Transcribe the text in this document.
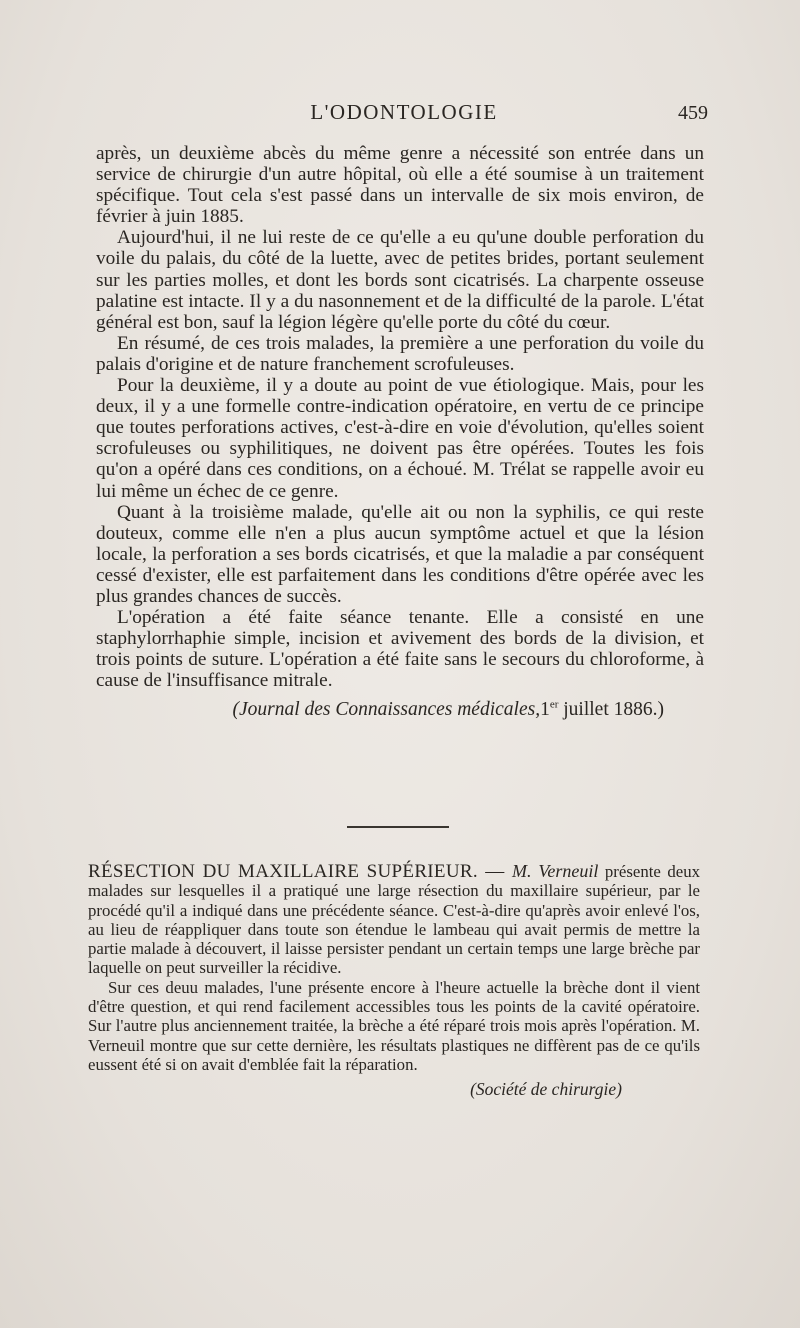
L'ODONTOLOGIE	459

après, un deuxième abcès du même genre a nécessité son entrée dans un service de chirurgie d'un autre hôpital, où elle a été soumise à un traitement spécifique. Tout cela s'est passé dans un intervalle de six mois environ, de février à juin 1885.

Aujourd'hui, il ne lui reste de ce qu'elle a eu qu'une double perforation du voile du palais, du côté de la luette, avec de petites brides, portant seulement sur les parties molles, et dont les bords sont cicatrisés. La charpente osseuse palatine est intacte. Il y a du nasonnement et de la difficulté de la parole. L'état général est bon, sauf la légion légère qu'elle porte du côté du cœur.

En résumé, de ces trois malades, la première a une perforation du voile du palais d'origine et de nature franchement scrofuleuses.

Pour la deuxième, il y a doute au point de vue étiologique. Mais, pour les deux, il y a une formelle contre-indication opératoire, en vertu de ce principe que toutes perforations actives, c'est-à-dire en voie d'évolution, qu'elles soient scrofuleuses ou syphilitiques, ne doivent pas être opérées. Toutes les fois qu'on a opéré dans ces conditions, on a échoué. M. Trélat se rappelle avoir eu lui même un échec de ce genre.

Quant à la troisième malade, qu'elle ait ou non la syphilis, ce qui reste douteux, comme elle n'en a plus aucun symptôme actuel et que la lésion locale, la perforation a ses bords cicatrisés, et que la maladie a par conséquent cessé d'exister, elle est parfaitement dans les conditions d'être opérée avec les plus grandes chances de succès.

L'opération a été faite séance tenante. Elle a consisté en une staphylorrhaphie simple, incision et avivement des bords de la division, et trois points de suture. L'opération a été faite sans le secours du chloroforme, à cause de l'insuffisance mitrale.

(Journal des Connaissances médicales,1er juillet 1886.)

RÉSECTION DU MAXILLAIRE SUPÉRIEUR. — M. Verneuil présente deux malades sur lesquelles il a pratiqué une large résection du maxillaire supérieur, par le procédé qu'il a indiqué dans une précédente séance. C'est-à-dire qu'après avoir enlevé l'os, au lieu de réappliquer dans toute son étendue le lambeau qui avait permis de mettre la partie malade à découvert, il laisse persister pendant un certain temps une large brèche par laquelle on peut surveiller la récidive.

Sur ces deuu malades, l'une présente encore à l'heure actuelle la brèche dont il vient d'être question, et qui rend facilement accessibles tous les points de la cavité opératoire. Sur l'autre plus anciennement traitée, la brèche a été réparé trois mois après l'opération. M. Verneuil montre que sur cette dernière, les résultats plastiques ne diffèrent pas de ce qu'ils eussent été si on avait d'emblée fait la réparation.

(Société de chirurgie)
